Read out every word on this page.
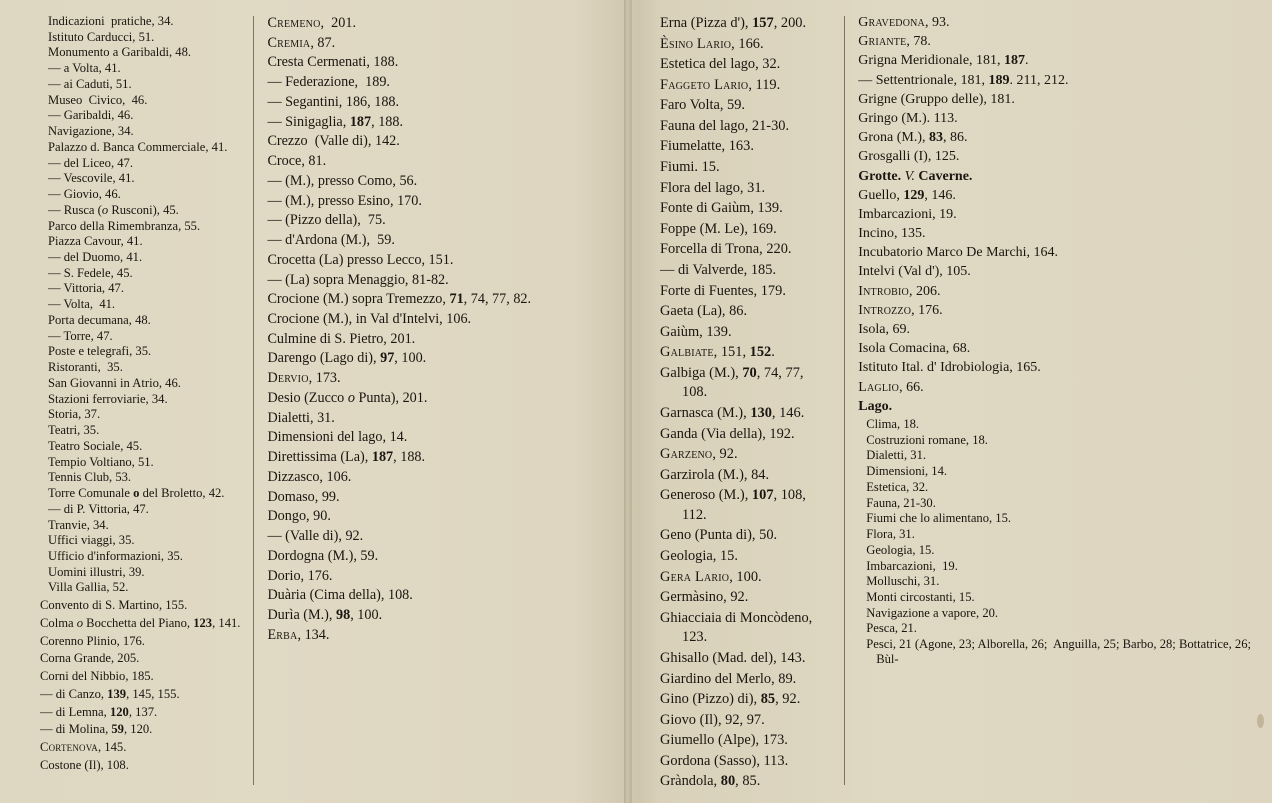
Indicazioni  pratiche, 34.
Istituto Carducci, 51.
Monumento a Garibaldi, 48.
— a Volta, 41.
— ai Caduti, 51.
Museo  Civico,  46.
— Garibaldi, 46.
Navigazione, 34.
Palazzo d. Banca Commerciale, 41.
— del Liceo, 47.
— Vescovile, 41.
— Giovio, 46.
— Rusca (o Rusconi), 45.
Parco della Rimembranza, 55.
Piazza Cavour, 41.
— del Duomo, 41.
— S. Fedele, 45.
— Vittoria, 47.
— Volta,  41.
Porta decumana, 48.
— Torre, 47.
Poste e telegrafi, 35.
Ristoranti,  35.
San Giovanni in Atrio, 46.
Stazioni ferroviarie, 34.
Storia, 37.
Teatri, 35.
Teatro Sociale, 45.
Tempio Voltiano, 51.
Tennis Club, 53.
Torre Comunale o del Broletto, 42.
— di P. Vittoria, 47.
Tranvie, 34.
Uffici viaggi, 35.
Ufficio d'informazioni, 35.
Uomini illustri, 39.
Villa Gallia, 52.
Convento di S. Martino, 155.
Colma o Bocchetta del Piano, 123, 141.
Corenno Plinio, 176.
Corna Grande, 205.
Corni del Nibbio, 185.
— di Canzo, 139, 145, 155.
— di Lemna, 120, 137.
— di Molina, 59, 120.
Cortenova, 145.
Costone (Il), 108.
Cremeno,  201.
Cremia, 87.
Cresta Cermenati, 188.
— Federazione,  189.
— Segantini, 186, 188.
— Sinigaglia, 187, 188.
Crezzo  (Valle di), 142.
Croce, 81.
— (M.), presso Como, 56.
— (M.), presso Esino, 170.
— (Pizzo della),  75.
— d'Ardona (M.),  59.
Crocetta (La) presso Lecco, 151.
— (La) sopra Menaggio, 81-82.
Crocione (M.) sopra Tremezzo, 71, 74, 77, 82.
Crocione (M.), in Val d'Intelvi, 106.
Culmine di S. Pietro, 201.
Darengo (Lago di), 97, 100.
Dervio, 173.
Desio (Zucco o Punta), 201.
Dialetti, 31.
Dimensioni del lago, 14.
Direttissima (La), 187, 188.
Dizzasco, 106.
Domaso, 99.
Dongo, 90.
— (Valle di), 92.
Dordogna (M.), 59.
Dorio, 176.
Duària (Cima della), 108.
Durìa (M.), 98, 100.
Erba, 134.
Erna (Pizza d'), 157, 200.
Èsino Lario, 166.
Estetica del lago, 32.
Faggeto Lario, 119.
Faro Volta, 59.
Fauna del lago, 21-30.
Fiumelatte, 163.
Fiumi. 15.
Flora del lago, 31.
Fonte di Gaiùm, 139.
Foppe (M. Le), 169.
Forcella di Trona, 220.
— di Valverde, 185.
Forte di Fuentes, 179.
Gaeta (La), 86.
Gaiùm, 139.
Galbiate, 151, 152.
Galbiga (M.), 70, 74, 77, 108.
Garnasca (M.), 130, 146.
Ganda (Via della), 192.
Garzeno, 92.
Garzirola (M.), 84.
Generoso (M.), 107, 108, 112.
Geno (Punta di), 50.
Geologia, 15.
Gera Lario, 100.
Germàsino, 92.
Ghiacciaia di Moncòdeno, 123.
Ghisallo (Mad. del), 143.
Giardino del Merlo, 89.
Gino (Pizzo) di), 85, 92.
Giovo (Il), 92, 97.
Giumello (Alpe), 173.
Gordona (Sasso), 113.
Gràndola, 80, 85.
Gravedona, 93.
Griante, 78.
Grigna Meridionale, 181, 187.
— Settentrionale, 181, 189. 211, 212.
Grigne (Gruppo delle), 181.
Gringo (M.). 113.
Grona (M.), 83, 86.
Grosgalli (I), 125.
Grotte. V. Caverne.
Guello, 129, 146.
Imbarcazioni, 19.
Incino, 135.
Incubatorio Marco De Marchi, 164.
Intelvi (Val d'), 105.
Introbio, 206.
Introzzo, 176.
Isola, 69.
Isola Comacina, 68.
Istituto Ital. d' Idrobiologia, 165.
Laglio, 66.
Lago.
Clima, 18.
Costruzioni romane, 18.
Dialetti, 31.
Dimensioni, 14.
Estetica, 32.
Fauna, 21-30.
Fiumi che lo alimentano, 15.
Flora, 31.
Geologia, 15.
Imbarcazioni,  19.
Molluschi, 31.
Monti circostanti, 15.
Navigazione a vapore, 20.
Pesca, 21.
Pesci, 21 (Agone, 23; Alborella, 26;  Anguilla, 25; Barbo, 28; Bottatrice, 26; Bùl-
